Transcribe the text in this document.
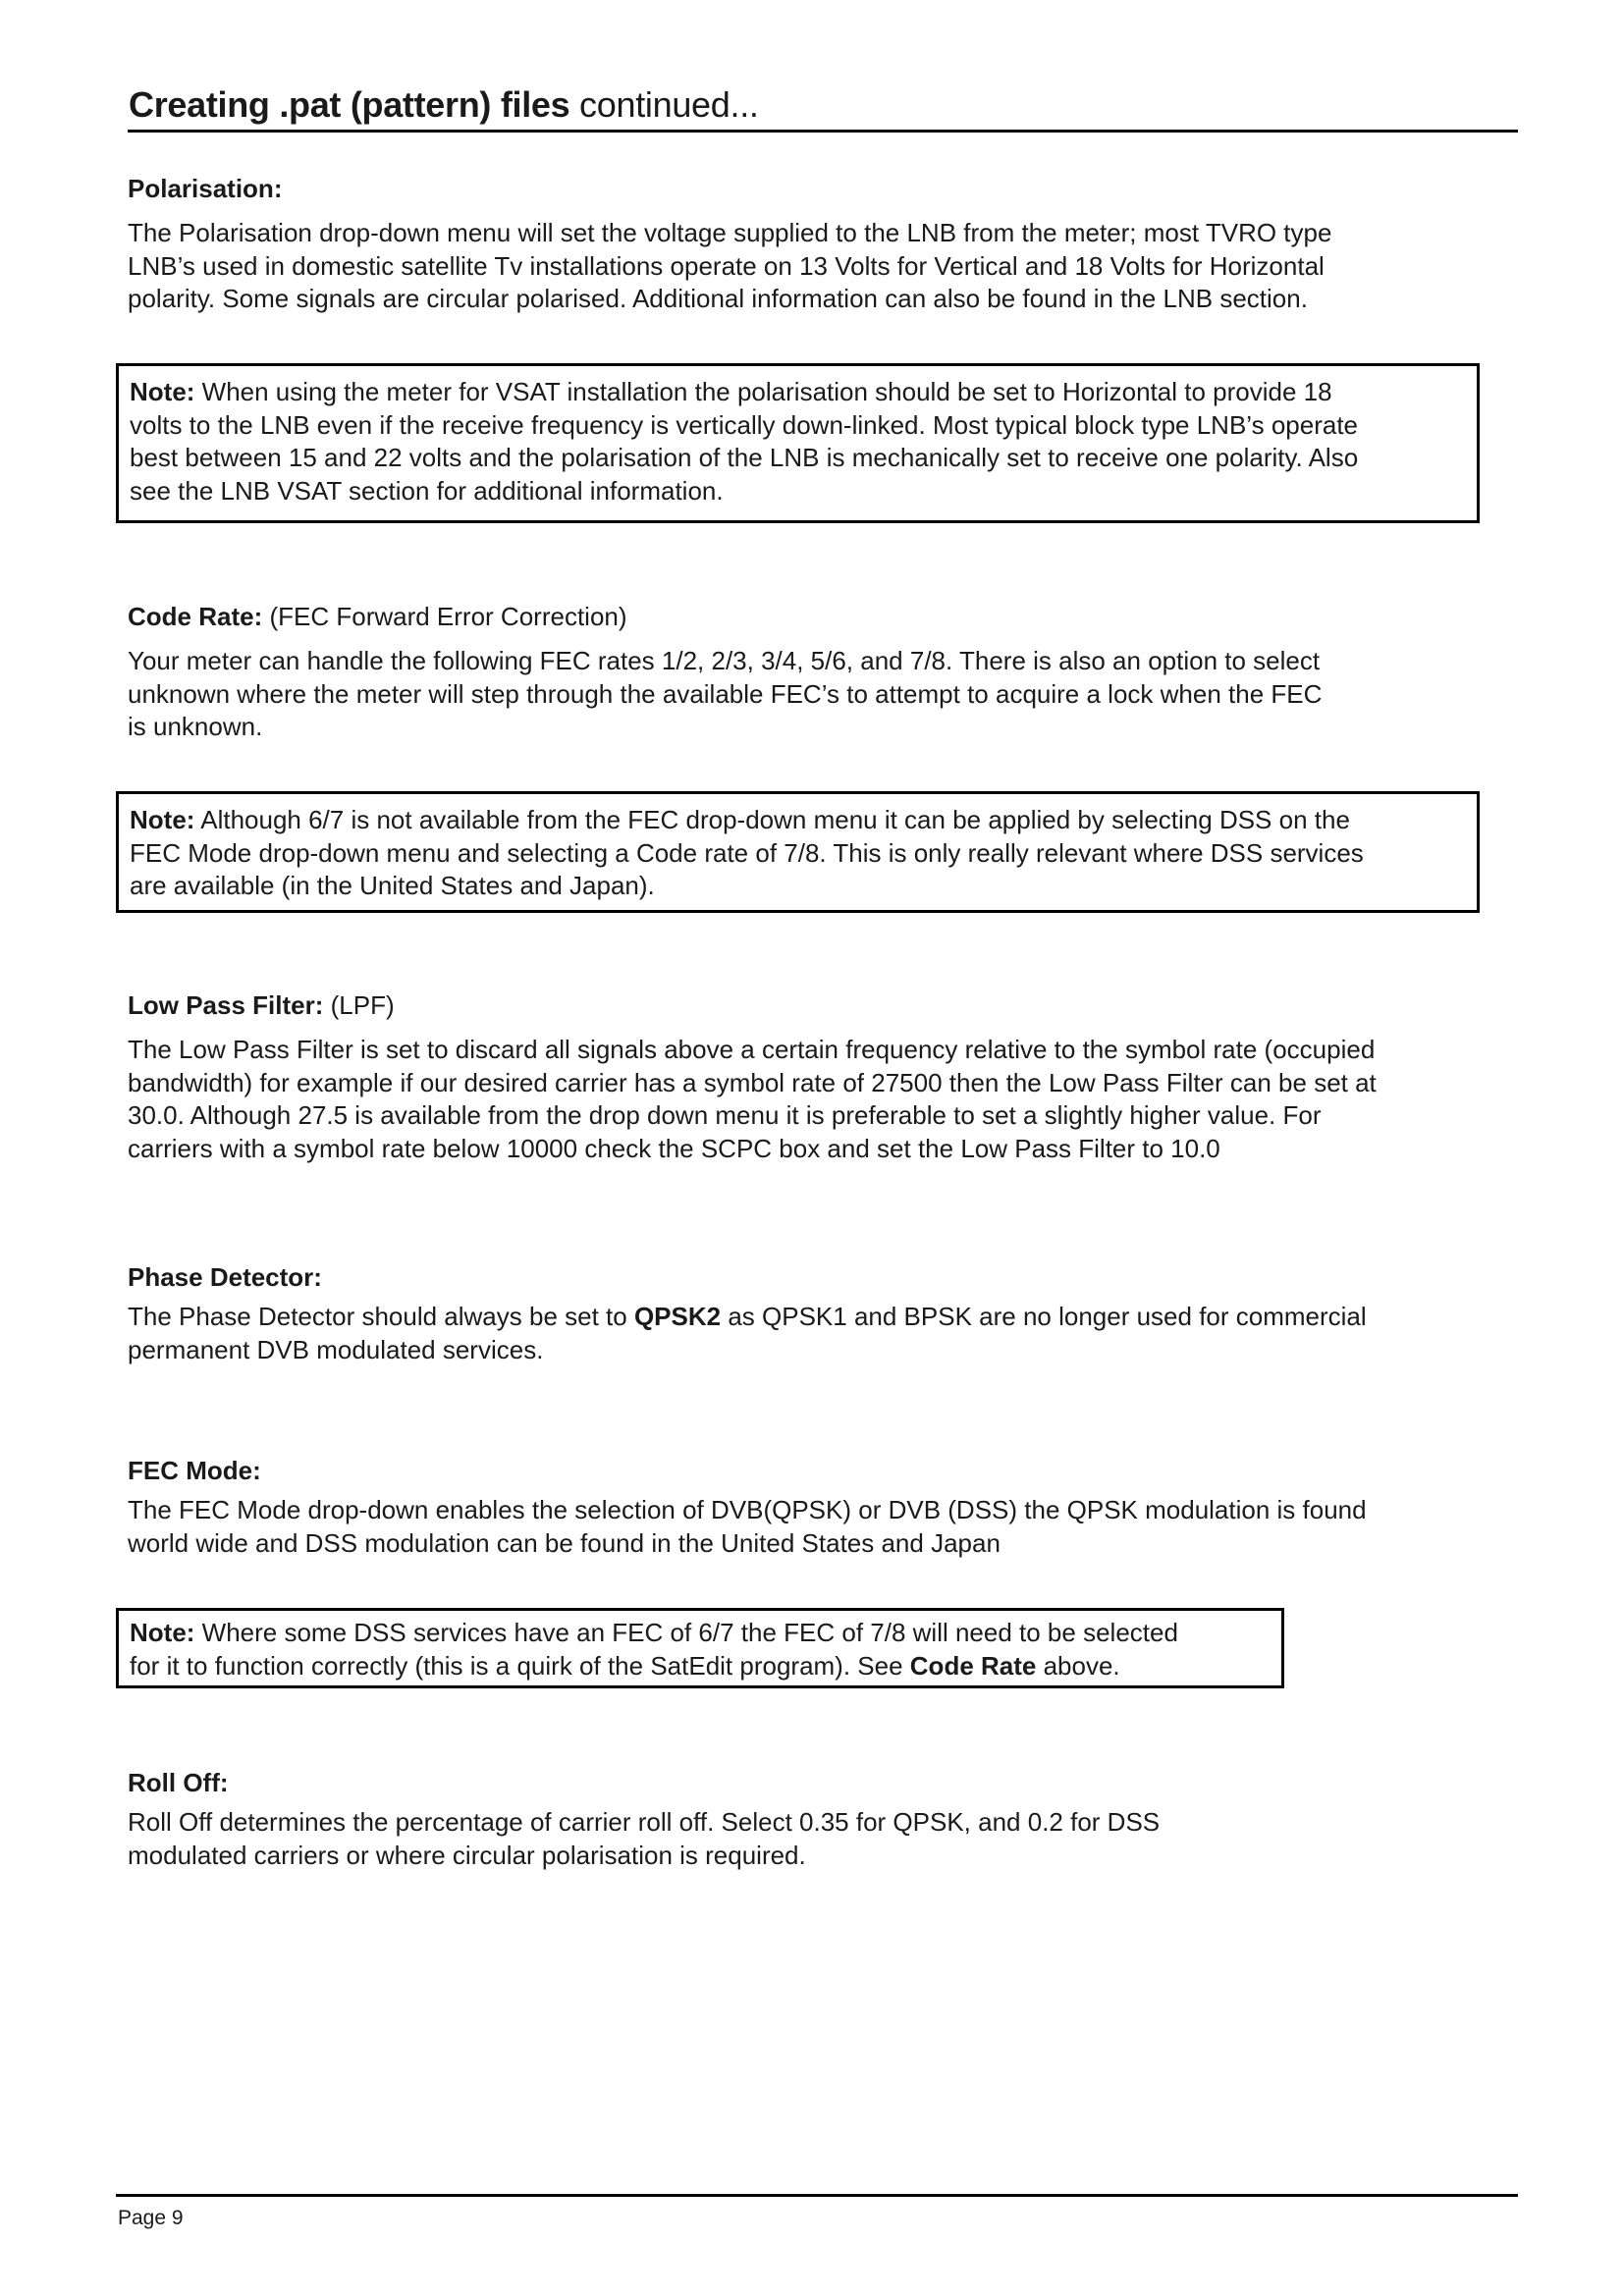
Creating .pat (pattern) files continued...
Polarisation:
The Polarisation drop-down menu will set the voltage supplied to the LNB from the meter; most TVRO type
LNB’s used in domestic satellite Tv installations operate on 13 Volts for Vertical and 18 Volts for Horizontal
polarity. Some signals are circular polarised. Additional information can also be found in the LNB section.
Note: When using the meter for VSAT installation the polarisation should be set to Horizontal to provide 18
volts to the LNB even if the receive frequency is vertically down-linked. Most typical block type LNB’s operate
best between 15 and 22 volts and the polarisation of the LNB is mechanically set to receive one polarity. Also
see the LNB VSAT section for additional information.
Code Rate: (FEC Forward Error Correction)
Your meter can handle the following FEC rates 1/2, 2/3, 3/4, 5/6, and 7/8. There is also an option to select
unknown where the meter will step through the available FEC’s to attempt to acquire a lock when the FEC
is unknown.
Note: Although 6/7 is not available from the FEC drop-down menu it can be applied by selecting DSS on the
FEC Mode drop-down menu and selecting a Code rate of 7/8. This is only really relevant where DSS services
are available (in the United States and Japan).
Low Pass Filter: (LPF)
The Low Pass Filter is set to discard all signals above a certain frequency relative to the symbol rate (occupied
bandwidth) for example if our desired carrier has a symbol rate of 27500 then the Low Pass Filter can be set at
30.0. Although 27.5 is available from the drop down menu it is preferable to set a slightly higher value. For
carriers with a symbol rate below 10000 check the SCPC box and set the Low Pass Filter to 10.0
Phase Detector:
The Phase Detector should always be set to QPSK2 as QPSK1 and BPSK are no longer used for commercial
permanent DVB modulated services.
FEC Mode:
The FEC Mode drop-down enables the selection of DVB(QPSK) or DVB (DSS) the QPSK modulation is found
world wide and DSS modulation can be found in the United States and Japan
Note: Where some DSS services have an FEC of 6/7 the FEC of 7/8 will need to be selected
for it to function correctly (this is a quirk of the SatEdit program). See Code Rate above.
Roll Off:
Roll Off determines the percentage of carrier roll off. Select 0.35 for QPSK, and 0.2 for DSS
modulated carriers or where circular polarisation is required.
Page 9
